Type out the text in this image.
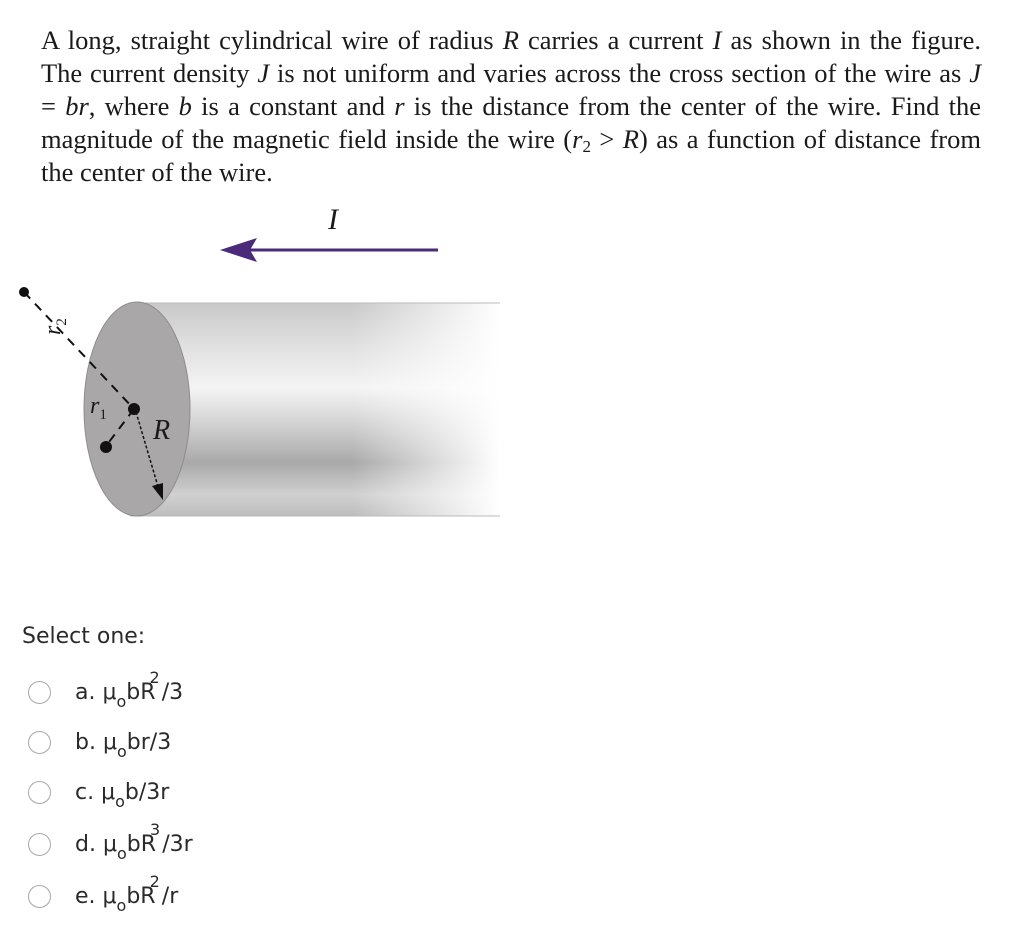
A long, straight cylindrical wire of radius R carries a current I as shown in the figure. The current density J is not uniform and varies across the cross section of the wire as J = br, where b is a constant and r is the distance from the center of the wire. Find the magnitude of the magnetic field inside the wire $(r_2 > R)$ as a function of distance from the center of the wire.
I
$r_2$
$r_1$
R
Select one:
a. $\mu_obR^2/3$
b. $\mu_obr/3$
c. $\mu_ob/3r$
d. $\mu_obR^3/3r$
e. $\mu_obR^2/r$
